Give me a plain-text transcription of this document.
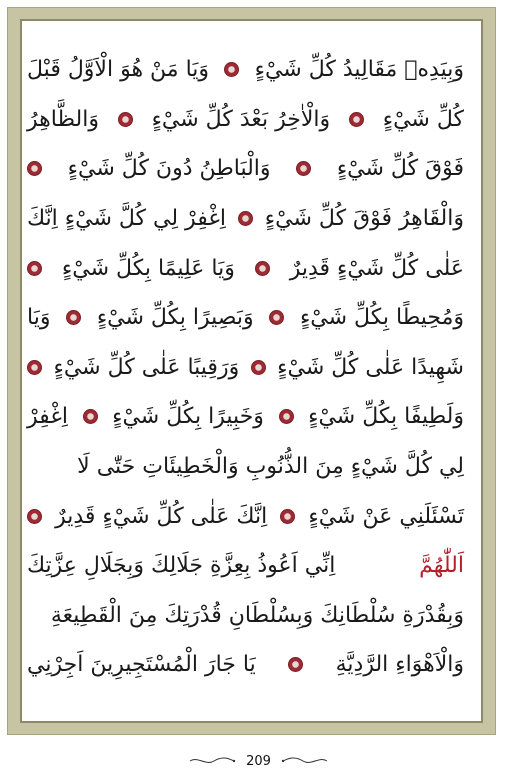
وَبِيَدِهٖ مَقَالِيدُ كُلِّ شَيْءٍ
وَيَا مَنْ هُوَ الْاَوَّلُ قَبْلَ
كُلِّ شَيْءٍ
وَالْاٰخِرُ بَعْدَ كُلِّ شَيْءٍ
وَالظَّاهِرُ
فَوْقَ كُلِّ شَيْءٍ
وَالْبَاطِنُ دُونَ كُلِّ شَيْءٍ
وَالْقَاهِرُ فَوْقَ كُلِّ شَيْءٍ
اِغْفِرْ لِي كُلَّ شَيْءٍ اِنَّكَ
عَلٰى كُلِّ شَيْءٍ قَدِيرٌ
وَيَا عَلِيمًا بِكُلِّ شَيْءٍ
وَمُحِيطًا بِكُلِّ شَيْءٍ
وَبَصِيرًا بِكُلِّ شَيْءٍ
وَيَا
شَهِيدًا عَلٰى كُلِّ شَيْءٍ
وَرَقِيبًا عَلٰى كُلِّ شَيْءٍ
وَلَطِيفًا بِكُلِّ شَيْءٍ
وَخَبِيرًا بِكُلِّ شَيْءٍ
اِغْفِرْ
لِي كُلَّ شَيْءٍ مِنَ الذُّنُوبِ وَالْخَطِيئَاتِ حَتّٰى لَا
تَسْئَلَنِي عَنْ شَيْءٍ
اِنَّكَ عَلٰى كُلِّ شَيْءٍ قَدِيرٌ
اَللّٰهُمَّ
اِنِّي اَعُوذُ بِعِزَّةِ جَلَالِكَ وَبِجَلَالِ عِزَّتِكَ
وَبِقُدْرَةِ سُلْطَانِكَ وَبِسُلْطَانِ قُدْرَتِكَ مِنَ الْقَطِيعَةِ
وَالْاَهْوَاءِ الرَّدِيَّةِ
يَا جَارَ الْمُسْتَجِيرِينَ اَجِرْنِي
209
